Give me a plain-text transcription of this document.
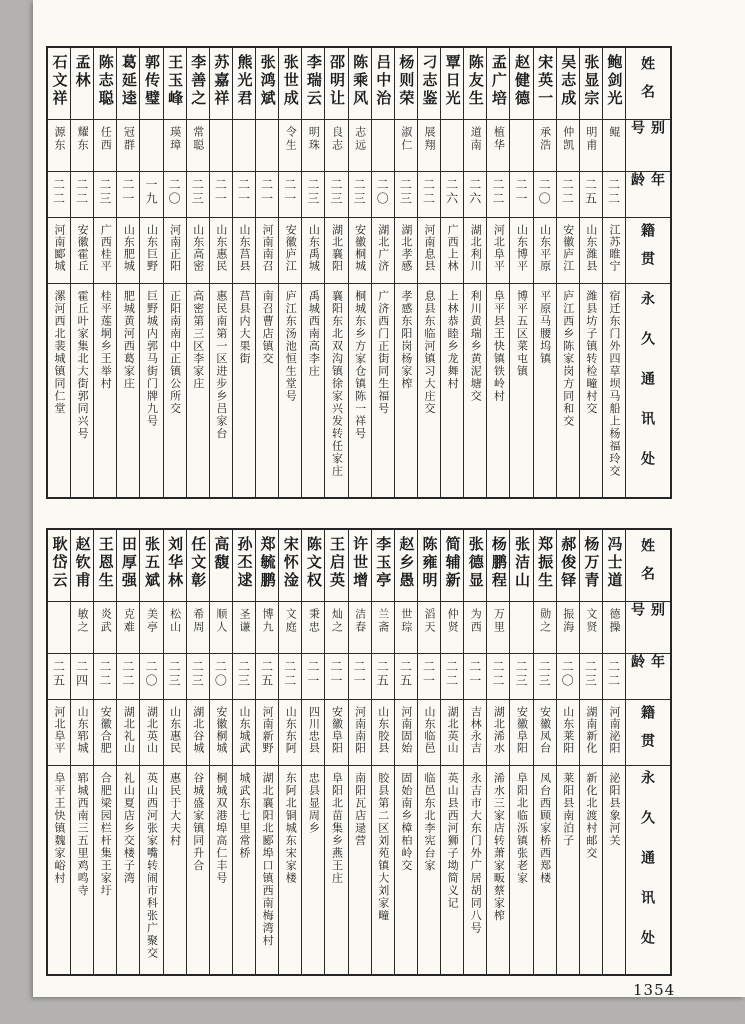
姓名
别号
年龄
籍贯
永久通讯处
鲍剑光
鲲
二二
江苏睢宁
宿迁东门外四草坝马船上杨福玲交
张显宗
明甫
二五
山东潍县
潍县坊子镇转检疃村交
吴志成
仲凯
二二
安徽庐江
庐江西乡陈家岗方同和交
宋英一
承浩
二〇
山东平原
平原马腰坞镇
赵健德
二一
山东博平
博平五区菜屯镇
孟广培
植华
二二
河北阜平
阜平县王快镇铁岭村
陈友生
道南
二六
湖北利川
利川黄瑞乡黄泥塘交
覃日光
二六
广西上林
上林恭睦乡龙舞村
刁志鉴
展翔
二二
河南息县
息县东临河镇习大庄交
杨则荣
淑仁
二三
湖北孝感
孝感东阳岗杨家榨
吕中治
二〇
湖北广济
广济西门正街同生福号
陈乘风
志远
二三
安徽桐城
桐城东乡方家仓镇陈一祥号
邵明让
良志
二三
湖北襄阳
襄阳东北双沟镇徐家兴发转任家庄
李瑞云
明珠
二三
山东禹城
禹城西南高李庄
张世成
令生
二一
安徽庐江
庐江东汤池恒生堂号
张鸿斌
二一
河南南召
南召曹店镇交
熊光君
二一
山东莒县
莒县内大果街
苏嘉祥
二一
山东惠民
惠民南第一区进步乡吕家台
李善之
常聪
二三
山东高密
高密第三区李家庄
王玉峰
瑛璋
二〇
河南正阳
正阳南南中正镇公所交
郭传璧
一九
山东巨野
巨野城内郭马街门牌九号
葛延逵
冠群
二一
山东肥城
肥城黄河西葛家庄
陈志聪
任西
二三
广西桂平
桂平莲垌乡王举村
孟林
耀东
二二
安徽霍丘
霍丘叶家集北大街郭同兴号
石文祥
源东
二二
河南郾城
漯河西北裴城镇同仁堂
姓名
别号
年龄
籍贯
永久通讯处
冯士道
德操
二二
河南泌阳
泌阳县象河关
杨万青
文贤
二三
湖南新化
新化北渡村邮交
郝俊铎
振海
二〇
山东莱阳
莱阳县南泊子
郑振生
勋之
二三
安徽凤台
凤台西顾家桥西郑楼
张洁山
二三
安徽阜阳
阜阳北临泺镇张老家
杨鹏程
万里
二二
湖北浠水
浠水三家店转萧家畈蔡家榨
张德显
为西
二一
吉林永吉
永吉市大东门外广居胡同八号
简辅新
仲贤
二二
湖北英山
英山县西河狮子坳简义记
陈雍明
滔天
二一
山东临邑
临邑东北李宪台家
赵乡愚
世琮
二五
河南固始
固始南乡樟柏岭交
李玉亭
兰斋
二五
山东胶县
胶县第二区刘苑镇大刘家疃
许世增
洁春
二一
河南南阳
南阳瓦店逯营
王启英
灿之
二一
安徽阜阳
阜阳北苗集乡燕王庄
陈文权
秉忠
二一
四川忠县
忠县显周乡
宋怀淦
文庭
二二
山东东阿
东阿北铜城东宋家楼
郑毓鹏
博九
二五
河南新野
湖北襄阳北郾埠口镇西南梅湾村
孙丕逑
圣谦
二三
山东城武
城武东七里常桥
高馥
顺人
二〇
安徽桐城
桐城双港埠高仁丰号
任文彰
希周
二三
湖北谷城
谷城盛家镇同升合
刘华林
松山
二三
山东惠民
惠民于大夫村
张五斌
美亭
二〇
湖北英山
英山西河张家嘴转闹市科张广聚交
田厚强
克难
二二
湖北礼山
礼山夏店乡交楼子湾
王恩生
炎武
二二
安徽合肥
合肥梁园栏杆集王家圩
赵钦甫
敏之
二四
山东郓城
郓城西南三五里鸡鸣寺
耿岱云
二五
河北阜平
阜平王快镇魏家峪村
1354
